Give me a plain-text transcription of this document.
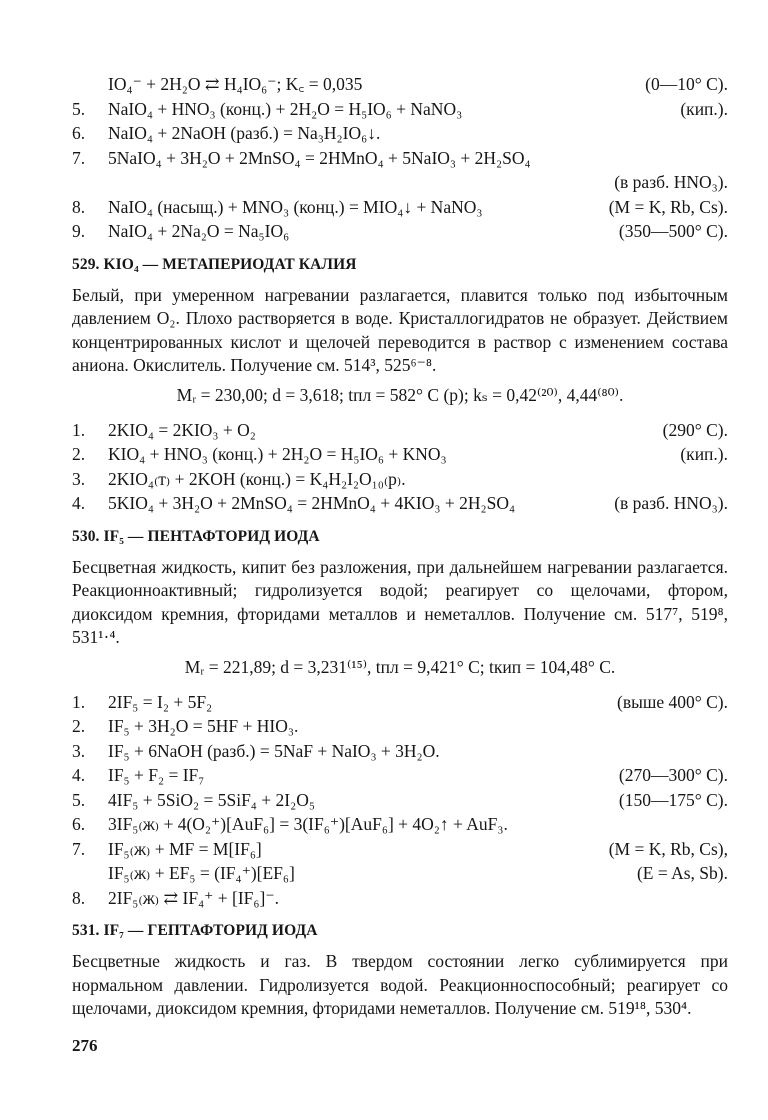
IO₄⁻ + 2H₂O ⇄ H₄IO₆⁻; K꜀ = 0,035	(0—10° C).
5.	NaIO₄ + HNO₃ (конц.) + 2H₂O = H₅IO₆ + NaNO₃	(кип.).
6.	NaIO₄ + 2NaOH (разб.) = Na₃H₂IO₆↓.
7.	5NaIO₄ + 3H₂O + 2MnSO₄ = 2HMnO₄ + 5NaIO₃ + 2H₂SO₄
(в разб. HNO₃).
8.	NaIO₄ (насыщ.) + MNO₃ (конц.) = MIO₄↓ + NaNO₃	(M = K, Rb, Cs).
9.	NaIO₄ + 2Na₂O = Na₅IO₆	(350—500° C).
529. KIO₄ — МЕТАПЕРИОДАТ КАЛИЯ
Белый, при умеренном нагревании разлагается, плавится только под избыточным давлением O₂. Плохо растворяется в воде. Кристаллогидратов не образует. Действием концентрированных кислот и щелочей переводится в раствор с изменением состава аниона. Окислитель. Получение см. 514³, 525⁶⁻⁸.
Mᵣ = 230,00; d = 3,618; tпл = 582° C (p); kₛ = 0,42⁽²⁰⁾, 4,44⁽⁸⁰⁾.
1.	2KIO₄ = 2KIO₃ + O₂	(290° C).
2.	KIO₄ + HNO₃ (конц.) + 2H₂O = H₅IO₆ + KNO₃	(кип.).
3.	2KIO₄₍т₎ + 2KOH (конц.) = K₄H₂I₂O₁₀₍р₎.
4.	5KIO₄ + 3H₂O + 2MnSO₄ = 2HMnO₄ + 4KIO₃ + 2H₂SO₄	(в разб. HNO₃).
530. IF₅ — ПЕНТАФТОРИД ИОДА
Бесцветная жидкость, кипит без разложения, при дальнейшем нагревании разлагается. Реакционноактивный; гидролизуется водой; реагирует со щелочами, фтором, диоксидом кремния, фторидами металлов и неметаллов. Получение см. 517⁷, 519⁸, 531¹·⁴.
Mᵣ = 221,89; d = 3,231⁽¹⁵⁾, tпл = 9,421° C; tкип = 104,48° C.
1.	2IF₅ = I₂ + 5F₂	(выше 400° C).
2.	IF₅ + 3H₂O = 5HF + HIO₃.
3.	IF₅ + 6NaOH (разб.) = 5NaF + NaIO₃ + 3H₂O.
4.	IF₅ + F₂ = IF₇	(270—300° C).
5.	4IF₅ + 5SiO₂ = 5SiF₄ + 2I₂O₅	(150—175° C).
6.	3IF₅₍ж₎ + 4(O₂⁺)[AuF₆] = 3(IF₆⁺)[AuF₆] + 4O₂↑ + AuF₃.
7.	IF₅₍ж₎ + MF = M[IF₆]	(M = K, Rb, Cs),
IF₅₍ж₎ + EF₅ = (IF₄⁺)[EF₆]	(E = As, Sb).
8.	2IF₅₍ж₎ ⇄ IF₄⁺ + [IF₆]⁻.
531. IF₇ — ГЕПТАФТОРИД ИОДА
Бесцветные жидкость и газ. В твердом состоянии легко сублимируется при нормальном давлении. Гидролизуется водой. Реакционноспособный; реагирует со щелочами, диоксидом кремния, фторидами неметаллов. Получение см. 519¹⁸, 530⁴.
276
